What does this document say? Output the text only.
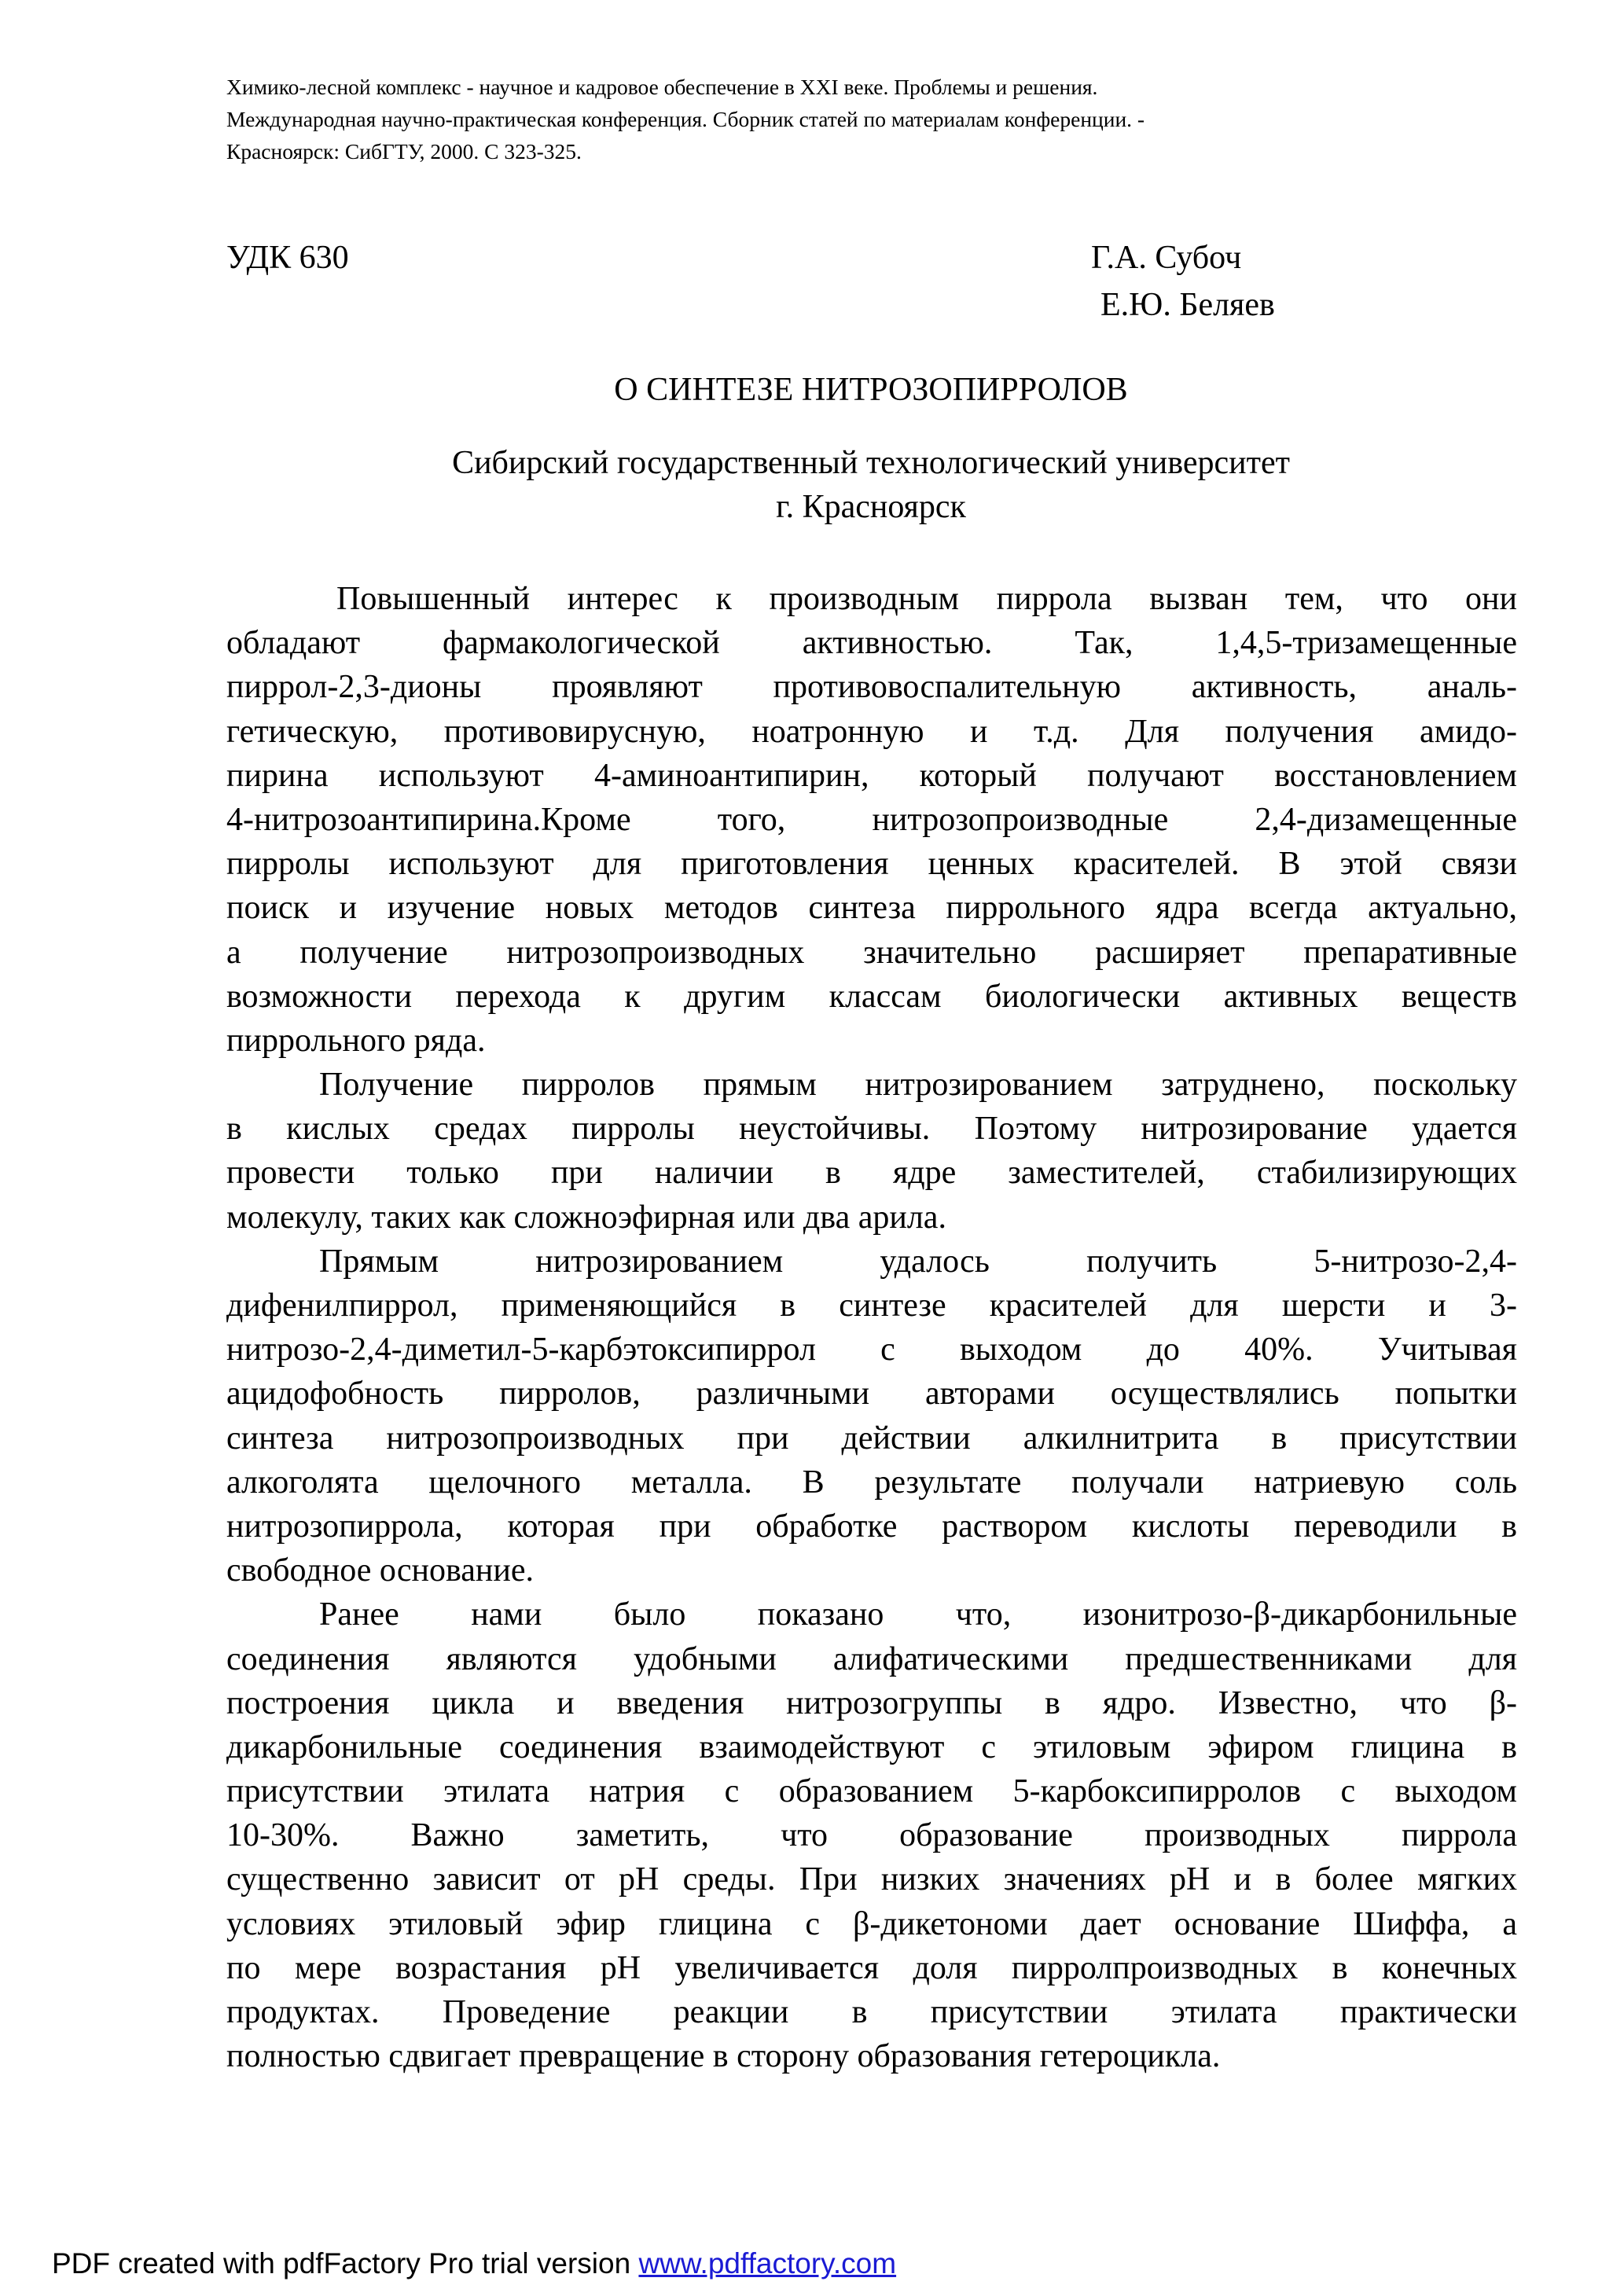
Химико-лесной комплекс - научное и кадровое обеспечение в XXI веке. Проблемы и решения.
Международная научно-практическая конференция. Сборник статей по материалам конференции. -
Красноярск: СибГТУ, 2000. С 323-325.
УДК 630	Г.А. Субоч
Е.Ю. Беляев
О СИНТЕЗЕ НИТРОЗОПИРРОЛОВ
Сибирский государственный технологический университет
г. Красноярск
Повышенный интерес к производным пиррола вызван тем, что они
обладают фармакологической активностью. Так, 1,4,5-тризамещенные
пиррол-2,3-дионы проявляют противовоспалительную активность, аналь-
гетическую, противовирусную, ноатронную и т.д. Для получения амидо-
пирина используют 4-аминоантипирин, который получают восстановлением
4-нитрозоантипирина.Кроме того, нитрозопроизводные 2,4-дизамещенные
пирролы используют для приготовления ценных красителей. В этой связи
поиск и изучение новых методов синтеза пиррольного ядра всегда актуально,
а получение нитрозопроизводных значительно расширяет препаративные
возможности перехода к другим классам биологически активных веществ
пиррольного ряда.
Получение пирролов прямым нитрозированием затруднено, поскольку
в кислых средах пирролы неустойчивы. Поэтому нитрозирование удается
провести только при наличии в ядре заместителей, стабилизирующих
молекулу, таких как сложноэфирная или два арила.
Прямым нитрозированием удалось получить 5-нитрозо-2,4-
дифенилпиррол, применяющийся в синтезе красителей для шерсти и 3-
нитрозо-2,4-диметил-5-карбэтоксипиррол с выходом до 40%. Учитывая
ацидофобность пирролов, различными авторами осуществлялись попытки
синтеза нитрозопроизводных при действии алкилнитрита в присутствии
алкоголята щелочного металла. В результате получали натриевую соль
нитрозопиррола, которая при обработке раствором кислоты переводили в
свободное основание.
Ранее нами было показано что, изонитрозо-β-дикарбонильные
соединения являются удобными алифатическими предшественниками для
построения цикла и введения нитрозогруппы в ядро. Известно, что β-
дикарбонильные соединения взаимодействуют с этиловым эфиром глицина в
присутствии этилата натрия с образованием 5-карбоксипирролов с выходом
10-30%. Важно заметить, что образование производных пиррола
существенно зависит от pH среды. При низких значениях pH и в более мягких
условиях этиловый эфир глицина с β-дикетономи дает основание Шиффа, а
по мере возрастания pH увеличивается доля пирролпроизводных в конечных
продуктах. Проведение реакции в присутствии этилата практически
полностью сдвигает превращение в сторону образования гетероцикла.
PDF created with pdfFactory Pro trial version www.pdffactory.com
